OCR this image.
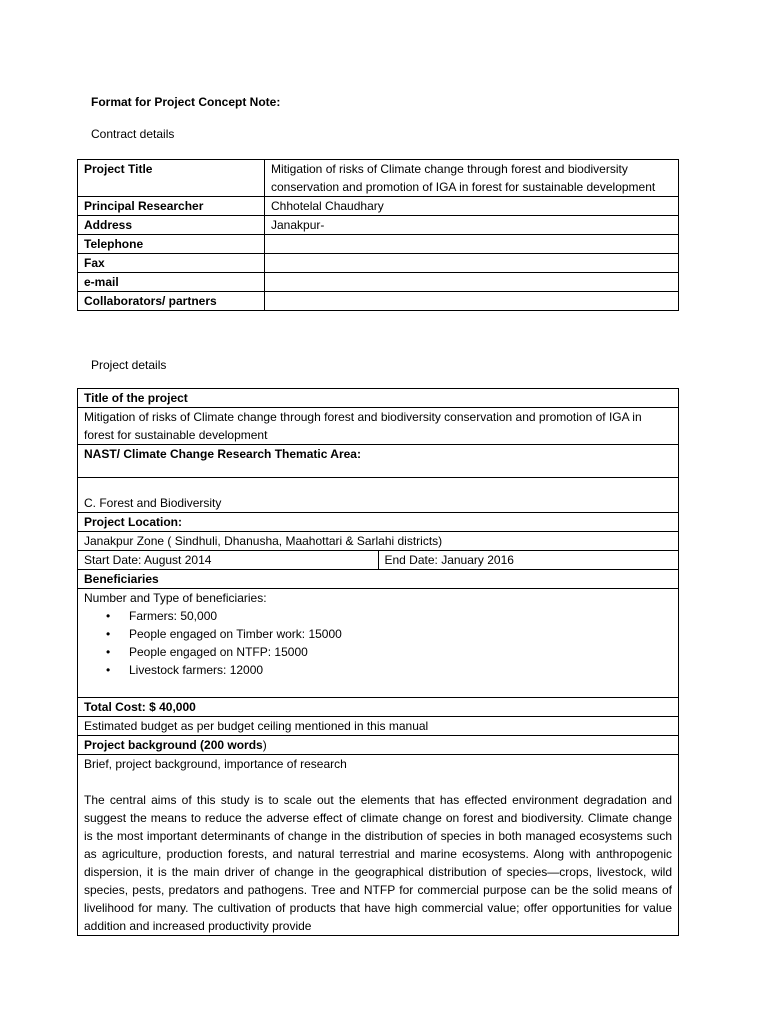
Format for Project Concept Note:
Contract details
Project Title	Mitigation of risks of Climate change through forest and biodiversity conservation and promotion of IGA in forest for sustainable development
Principal Researcher	Chhotelal Chaudhary
Address	Janakpur-
Telephone	
Fax	
e-mail	
Collaborators/ partners	
Project details
Title of the project
Mitigation of risks of Climate change through forest and biodiversity conservation and promotion of IGA in forest for sustainable development
NAST/ Climate Change Research Thematic Area:
C. Forest and Biodiversity
Project Location:
Janakpur Zone ( Sindhuli, Dhanusha, Maahottari & Sarlahi districts)
Start Date: August 2014	End Date: January 2016
Beneficiaries

Number and Type of beneficiaries:
• Farmers: 50,000
• People engaged on Timber work: 15000
• People engaged on NTFP: 15000
• Livestock farmers: 12000

Total Cost: $ 40,000
Estimated budget as per budget ceiling mentioned in this manual
Project background (200 words)

Brief, project background, importance of research
The central aims of this study is to scale out the elements that has effected environment degradation and suggest the means to reduce the adverse effect of climate change on forest and biodiversity. Climate change is the most important determinants of change in the distribution of species in both managed ecosystems such as agriculture, production forests, and natural terrestrial and marine ecosystems. Along with anthropogenic dispersion, it is the main driver of change in the geographical distribution of species—crops, livestock, wild species, pests, predators and pathogens. Tree and NTFP for commercial purpose can be the solid means of livelihood for many. The cultivation of products that have high commercial value; offer opportunities for value addition and increased productivity provide
